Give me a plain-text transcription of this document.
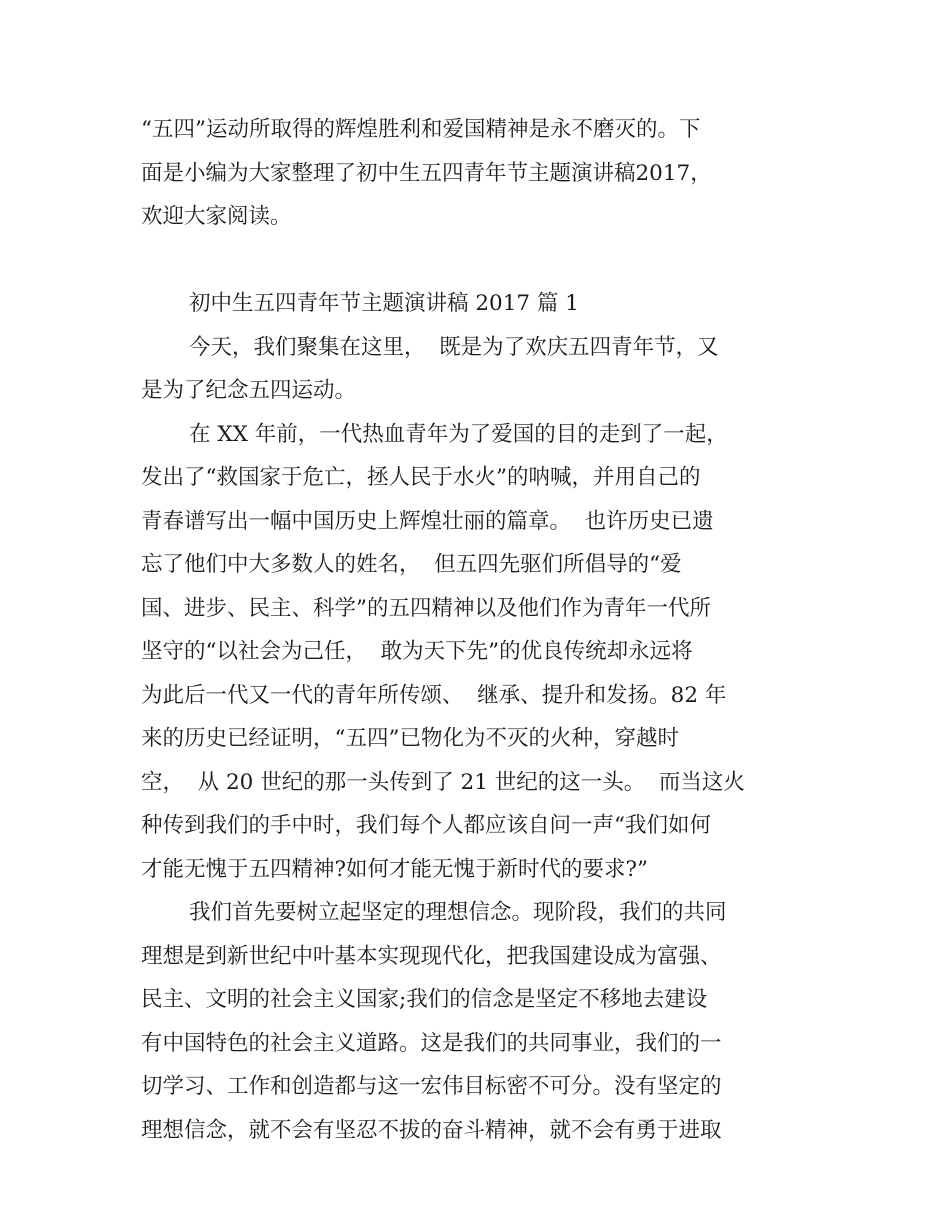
“五四”运动所取得的辉煌胜利和爱国精神是永不磨灭的。下
面是小编为大家整理了初中生五四青年节主题演讲稿2017，
欢迎大家阅读。
初中生五四青年节主题演讲稿 2017 篇 1
今天，我们聚集在这里，  既是为了欢庆五四青年节，又
是为了纪念五四运动。
在 XX 年前，一代热血青年为了爱国的目的走到了一起，
发出了“救国家于危亡，拯人民于水火”的呐喊，并用自己的
青春谱写出一幅中国历史上辉煌壮丽的篇章。  也许历史已遗
忘了他们中大多数人的姓名，  但五四先驱们所倡导的“爱
国、进步、民主、科学”的五四精神以及他们作为青年一代所
坚守的“以社会为己任，  敢为天下先”的优良传统却永远将
为此后一代又一代的青年所传颂、  继承、提升和发扬。82 年
来的历史已经证明，“五四”已物化为不灭的火种，穿越时
空，  从 20 世纪的那一头传到了 21 世纪的这一头。  而当这火
种传到我们的手中时，我们每个人都应该自问一声“我们如何
才能无愧于五四精神?如何才能无愧于新时代的要求?”
我们首先要树立起坚定的理想信念。现阶段，我们的共同
理想是到新世纪中叶基本实现现代化，把我国建设成为富强、
民主、文明的社会主义国家;我们的信念是坚定不移地去建设
有中国特色的社会主义道路。这是我们的共同事业，我们的一
切学习、工作和创造都与这一宏伟目标密不可分。没有坚定的
理想信念，就不会有坚忍不拔的奋斗精神，就不会有勇于进取
